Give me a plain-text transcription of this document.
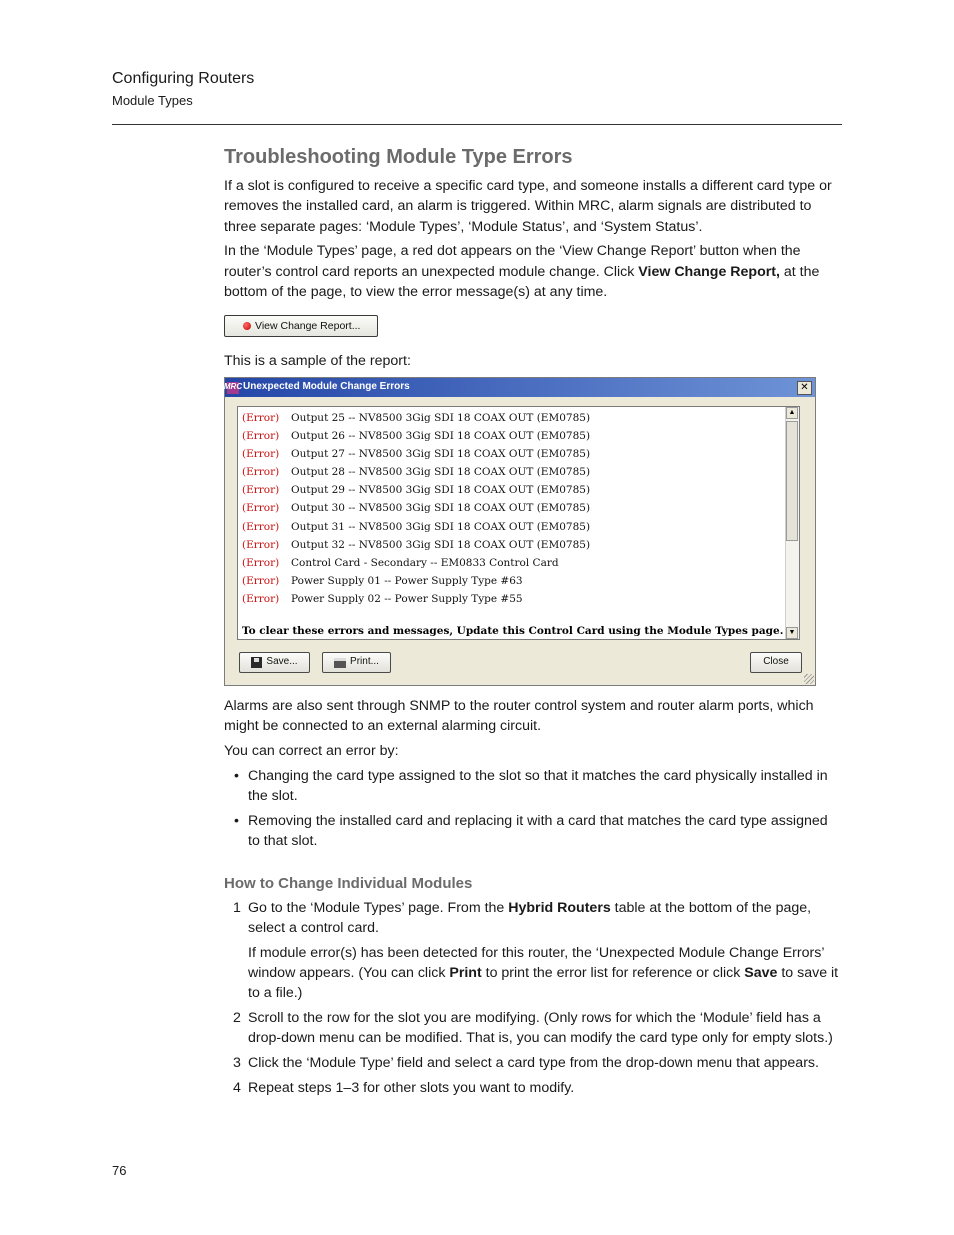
Configuring Routers
Module Types
Troubleshooting Module Type Errors

If a slot is configured to receive a specific card type, and someone installs a different card type or removes the installed card, an alarm is triggered. Within MRC, alarm signals are distributed to three separate pages: ‘Module Types’, ‘Module Status’, and ‘System Status’.

In the ‘Module Types’ page, a red dot appears on the ‘View Change Report’ button when the router’s control card reports an unexpected module change. Click View Change Report, at the bottom of the page, to view the error message(s) at any time.

View Change Report...

This is a sample of the report:

MRC Unexpected Module Change Errors	✕
(Error)	Output 25 -- NV8500 3Gig SDI 18 COAX OUT (EM0785)
(Error)	Output 26 -- NV8500 3Gig SDI 18 COAX OUT (EM0785)
(Error)	Output 27 -- NV8500 3Gig SDI 18 COAX OUT (EM0785)
(Error)	Output 28 -- NV8500 3Gig SDI 18 COAX OUT (EM0785)
(Error)	Output 29 -- NV8500 3Gig SDI 18 COAX OUT (EM0785)
(Error)	Output 30 -- NV8500 3Gig SDI 18 COAX OUT (EM0785)
(Error)	Output 31 -- NV8500 3Gig SDI 18 COAX OUT (EM0785)
(Error)	Output 32 -- NV8500 3Gig SDI 18 COAX OUT (EM0785)
(Error)	Control Card - Secondary -- EM0833 Control Card
(Error)	Power Supply 01 -- Power Supply Type #63
(Error)	Power Supply 02 -- Power Supply Type #55
To clear these errors and messages, Update this Control Card using the Module Types page.
▲
▼
Save...	Print...	Close

Alarms are also sent through SNMP to the router control system and router alarm ports, which might be connected to an external alarming circuit.

You can correct an error by:

• Changing the card type assigned to the slot so that it matches the card physically installed in the slot.
• Removing the installed card and replacing it with a card that matches the card type assigned to that slot.
How to Change Individual Modules
1 Go to the ‘Module Types’ page. From the Hybrid Routers table at the bottom of the page, select a control card.
If module error(s) has been detected for this router, the ‘Unexpected Module Change Errors’ window appears. (You can click Print to print the error list for reference or click Save to save it to a file.)
2 Scroll to the row for the slot you are modifying. (Only rows for which the ‘Module’ field has a drop-down menu can be modified. That is, you can modify the card type only for empty slots.)
3 Click the ‘Module Type’ field and select a card type from the drop-down menu that appears.
4 Repeat steps 1–3 for other slots you want to modify.
76
